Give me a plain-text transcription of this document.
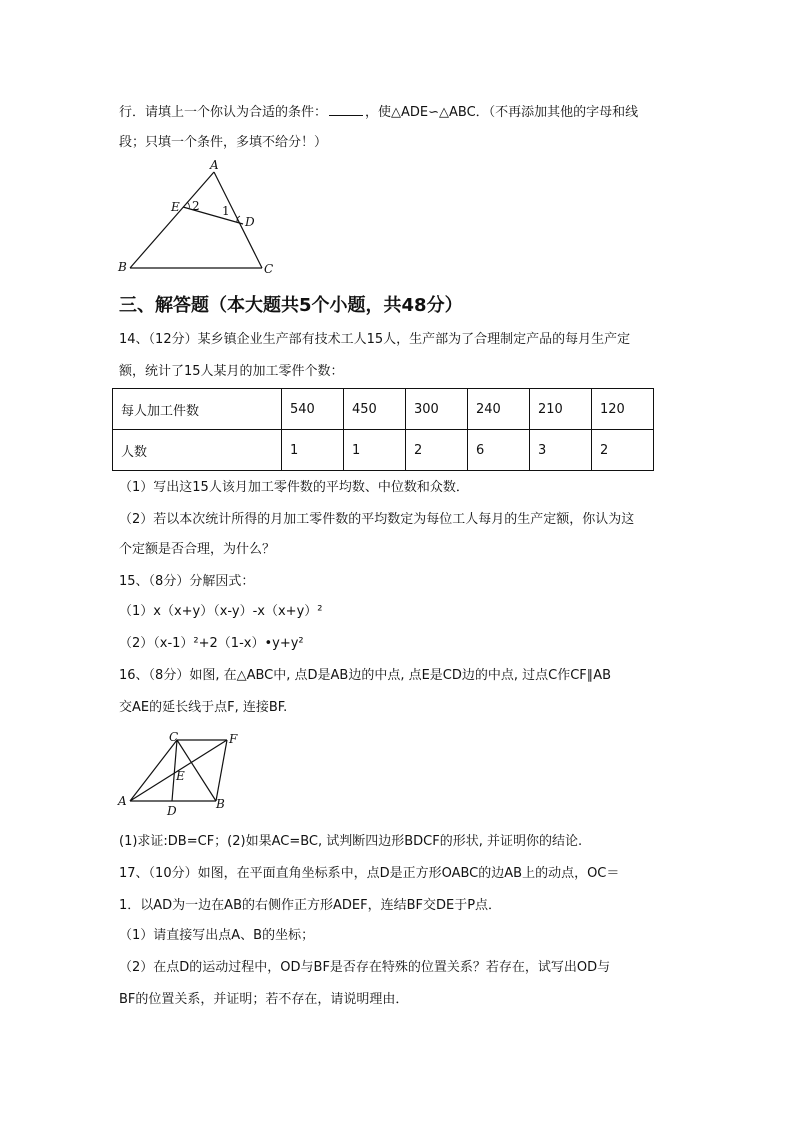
行．请填上一个你认为合适的条件：	，使△ADE∽△ABC．（不再添加其他的字母和线
段；只填一个条件，多填不给分！）
A
E 2 1
D
B	C
三、解答题（本大题共5个小题，共48分）
14、（12分）某乡镇企业生产部有技术工人15人，生产部为了合理制定产品的每月生产定
额，统计了15人某月的加工零件个数：
每人加工件数	540	450	300	240	210	120
人数	1	1	2	6	3	2
（1）写出这15人该月加工零件数的平均数、中位数和众数．
（2）若以本次统计所得的月加工零件数的平均数定为每位工人每月的生产定额，你认为这
个定额是否合理，为什么？
15、（8分）分解因式：
（1）x（x+y）（x-y）-x（x+y）²
（2）（x-1）²+2（1-x）•y+y²
16、（8分）如图, 在△ABC中, 点D是AB边的中点, 点E是CD边的中点, 过点C作CF∥AB
交AE的延长线于点F, 连接BF.
C	F
E
A
D	B
(1)求证:DB=CF；(2)如果AC=BC, 试判断四边形BDCF的形状, 并证明你的结论.
17、（10分）如图，在平面直角坐标系中，点D是正方形OABC的边AB上的动点，OC＝
1．以AD为一边在AB的右侧作正方形ADEF，连结BF交DE于P点．
（1）请直接写出点A、B的坐标；
（2）在点D的运动过程中，OD与BF是否存在特殊的位置关系？若存在，试写出OD与
BF的位置关系，并证明；若不存在，请说明理由．
